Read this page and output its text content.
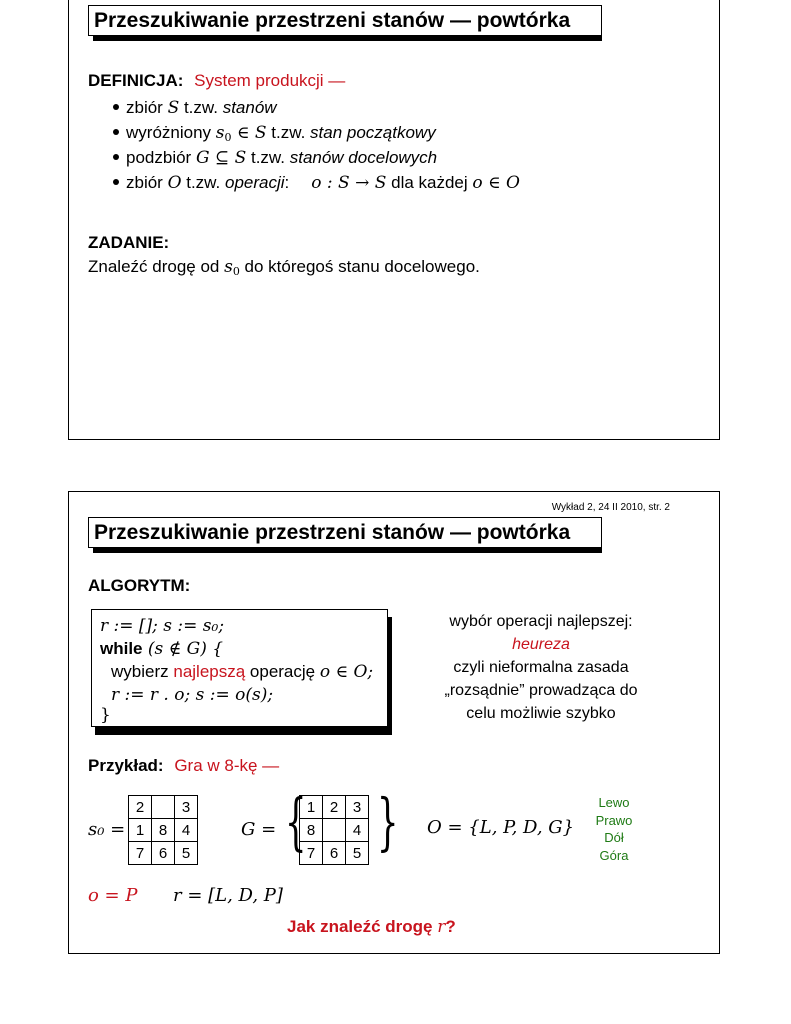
Przeszukiwanie przestrzeni stanów — powtórka
DEFINICJA: System produkcji —
zbiór S t.zw. stanów
wyróżniony $s_0$ ∈ S t.zw. stan początkowy
podzbiór G ⊆ S t.zw. stanów docelowych
zbiór O t.zw. operacji: o : S → S dla każdej o ∈ O
ZADANIE:
Znaleźć drogę od $s_0$ do któregoś stanu docelowego.
Wykład 2, 24 II 2010, str. 2
Przeszukiwanie przestrzeni stanów — powtórka
ALGORYTM:
r := []; s := s₀;
while (s ∉ G) {
wybierz najlepszą operację o ∈ O;
r := r . o; s := o(s);
}
wybór operacji najlepszej:
heureza
czyli nieformalna zasada
„rozsądnie” prowadząca do
celu możliwie szybko
Przykład: Gra w 8-kę —
s₀ =
2		3
1	8	4
7	6	5
G = { 1	2	3
8		4
7	6	5 } O = {L, P, D, G}
Lewo
Prawo
Dół
Góra
o = P r = [L, D, P]
Jak znaleźć drogę r?
